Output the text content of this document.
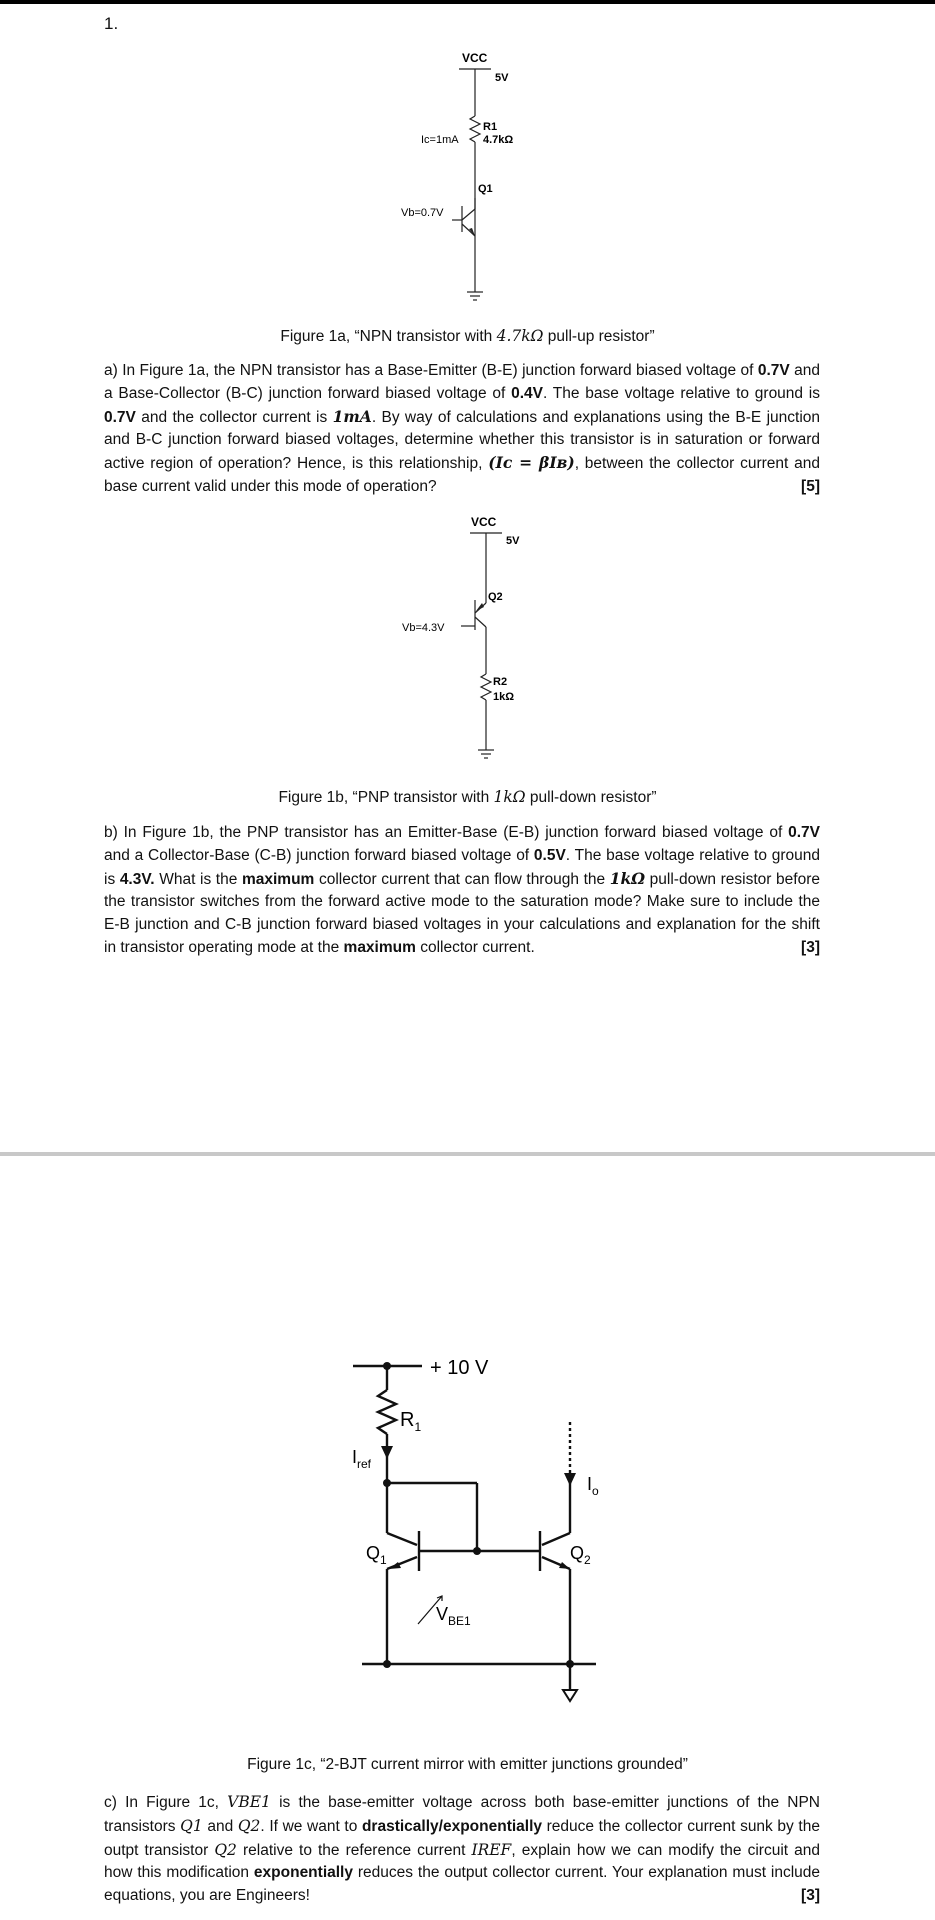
1.
VCC
5V
R1
4.7kΩ
Ic=1mA
Q1
Vb=0.7V
Figure 1a, “NPN transistor with 4.7kΩ pull-up resistor”
a) In Figure 1a, the NPN transistor has a Base-Emitter (B-E) junction forward biased voltage of 0.7V and a Base-Collector (B-C) junction forward biased voltage of 0.4V. The base voltage relative to ground is 0.7V and the collector current is 1mA. By way of calculations and explanations using the B-E junction and B-C junction forward biased voltages, determine whether this transistor is in saturation or forward active region of operation? Hence, is this relationship, (Iᴄ = βIʙ), between the collector current and base current valid under this mode of operation?	[5]
VCC
5V
Q2
Vb=4.3V
R2
1kΩ
Figure 1b, “PNP transistor with 1kΩ pull-down resistor”
b) In Figure 1b, the PNP transistor has an Emitter-Base (E-B) junction forward biased voltage of 0.7V and a Collector-Base (C-B) junction forward biased voltage of 0.5V. The base voltage relative to ground is 4.3V. What is the maximum collector current that can flow through the 1kΩ pull-down resistor before the transistor switches from the forward active mode to the saturation mode? Make sure to include the E-B junction and C-B junction forward biased voltages in your calculations and explanation for the shift in transistor operating mode at the maximum collector current.	[3]
+ 10 V
$R_1$
$I_{ref}$
$I_o$
$Q_1$	$Q_2$
$V_{BE1}$
Figure 1c, “2-BJT current mirror with emitter junctions grounded”
c) In Figure 1c, VBE1 is the base-emitter voltage across both base-emitter junctions of the NPN transistors Q1 and Q2. If we want to drastically/exponentially reduce the collector current sunk by the outpt transistor Q2 relative to the reference current IREF, explain how we can modify the circuit and how this modification exponentially reduces the output collector current. Your explanation must include equations, you are Engineers!	[3]
